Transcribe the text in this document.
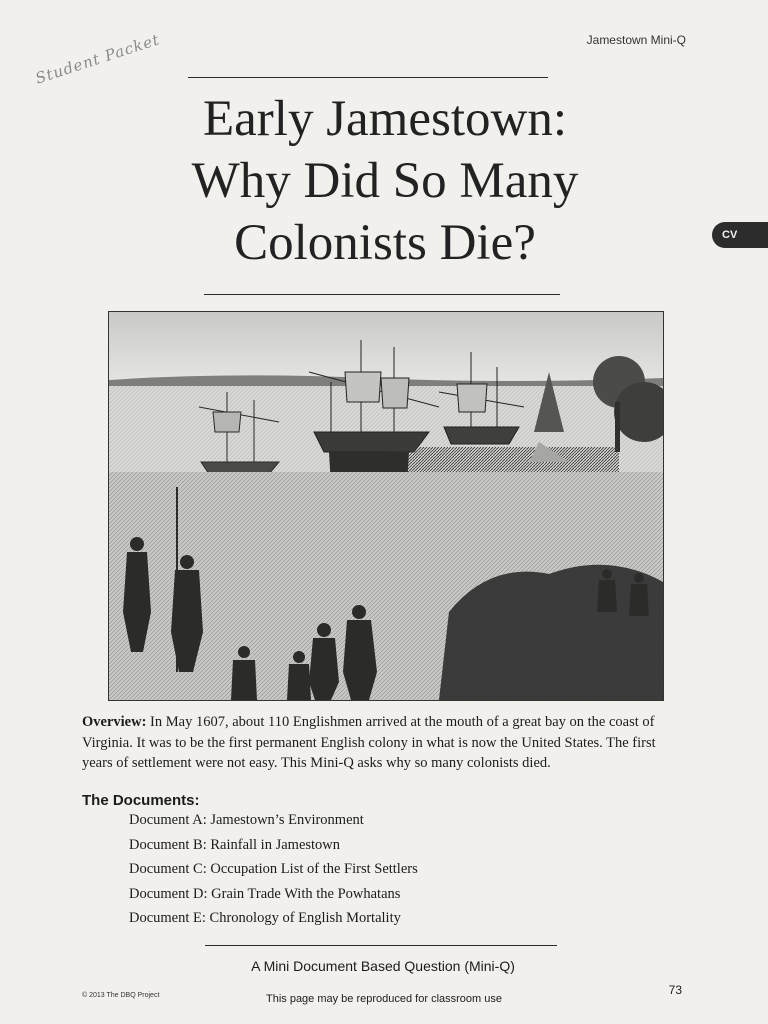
Jamestown Mini-Q
Student Packet
Early Jamestown:
Why Did So Many
Colonists Die?	CV

Overview: In May 1607, about 110 Englishmen arrived at the mouth of a great bay on the coast of Virginia. It was to be the first permanent English colony in what is now the United States. The first years of settlement were not easy. This Mini-Q asks why so many colonists died.

The Documents:
Document A: Jamestown’s Environment
Document B: Rainfall in Jamestown
Document C: Occupation List of the First Settlers
Document D: Grain Trade With the Powhatans
Document E: Chronology of English Mortality
A Mini Document Based Question (Mini-Q)
© 2013 The DBQ Project	This page may be reproduced for classroom use
73
